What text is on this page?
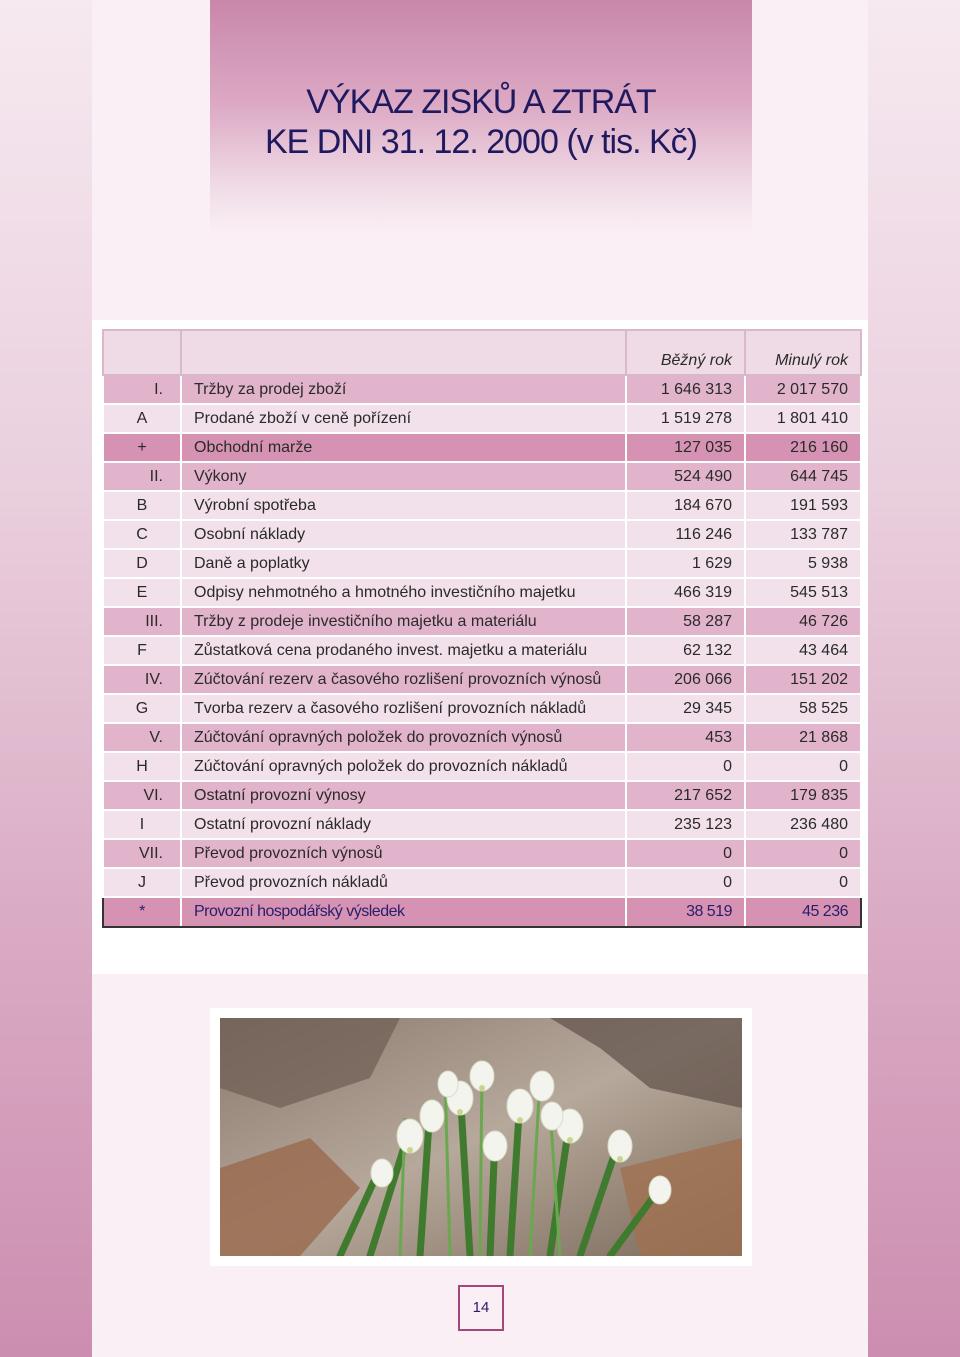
VÝKAZ ZISKŮ A ZTRÁT
KE DNI 31. 12. 2000 (v tis. Kč)
		Běžný rok	Minulý rok
I.	Tržby za prodej zboží	1 646 313	2 017 570
A	Prodané zboží v ceně pořízení	1 519 278	1 801 410
+	Obchodní marže	127 035	216 160
II.	Výkony	524 490	644 745
B	Výrobní spotřeba	184 670	191 593
C	Osobní náklady	116 246	133 787
D	Daně a poplatky	1 629	5 938
E	Odpisy nehmotného a hmotného investičního majetku	466 319	545 513
III.	Tržby z prodeje investičního majetku a materiálu	58 287	46 726
F	Zůstatková cena prodaného invest. majetku a materiálu	62 132	43 464
IV.	Zúčtování rezerv a časového rozlišení provozních výnosů	206 066	151 202
G	Tvorba rezerv a časového rozlišení provozních nákladů	29 345	58 525
V.	Zúčtování opravných položek do provozních výnosů	453	21 868
H	Zúčtování opravných položek do provozních nákladů	0	0
VI.	Ostatní provozní výnosy	217 652	179 835
I	Ostatní provozní náklady	235 123	236 480
VII.	Převod provozních výnosů	0	0
J	Převod provozních nákladů	0	0
*	Provozní hospodářský výsledek	38 519	45 236
14
